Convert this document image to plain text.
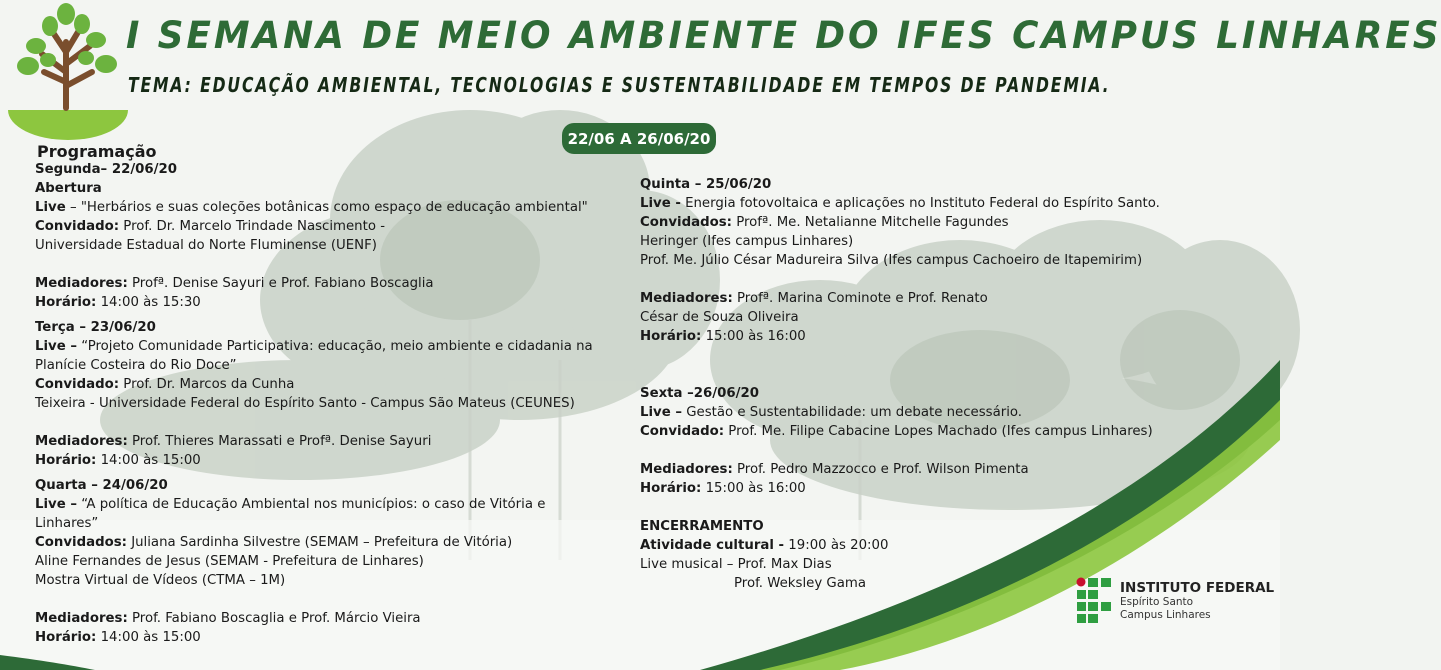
I SEMANA DE MEIO AMBIENTE DO IFES CAMPUS LINHARES
TEMA: EDUCAÇÃO AMBIENTAL, TECNOLOGIAS E SUSTENTABILIDADE EM TEMPOS DE PANDEMIA.
22/06 A 26/06/20
Programação
Segunda– 22/06/20
Abertura
Live – "Herbários e suas coleções botânicas como espaço de educação ambiental"
Convidado: Prof. Dr. Marcelo Trindade Nascimento -
Universidade Estadual do Norte Fluminense (UENF)
Mediadores: Profª. Denise Sayuri e Prof. Fabiano Boscaglia
Horário: 14:00 às 15:30
Terça – 23/06/20
Live – “Projeto Comunidade Participativa: educação, meio ambiente e cidadania na
Planície Costeira do Rio Doce”
Convidado: Prof. Dr. Marcos da Cunha
Teixeira - Universidade Federal do Espírito Santo - Campus São Mateus (CEUNES)
Mediadores: Prof. Thieres Marassati e Profª. Denise Sayuri
Horário: 14:00 às 15:00
Quarta – 24/06/20
Live – “A política de Educação Ambiental nos municípios: o caso de Vitória e
Linhares”
Convidados: Juliana Sardinha Silvestre (SEMAM – Prefeitura de Vitória)
Aline Fernandes de Jesus (SEMAM - Prefeitura de Linhares)
Mostra Virtual de Vídeos (CTMA – 1M)
Mediadores: Prof. Fabiano Boscaglia e Prof. Márcio Vieira
Horário: 14:00 às 15:00
Quinta – 25/06/20
Live - Energia fotovoltaica e aplicações no Instituto Federal do Espírito Santo.
Convidados: Profª. Me. Netalianne Mitchelle Fagundes
Heringer (Ifes campus Linhares)
Prof. Me. Júlio César Madureira Silva (Ifes campus Cachoeiro de Itapemirim)
Mediadores: Profª. Marina Cominote e Prof. Renato
César de Souza Oliveira
Horário: 15:00 às 16:00
Sexta –26/06/20
Live – Gestão e Sustentabilidade: um debate necessário.
Convidado: Prof. Me. Filipe Cabacine Lopes Machado (Ifes campus Linhares)
Mediadores: Prof. Pedro Mazzocco e Prof. Wilson Pimenta
Horário: 15:00 às 16:00
ENCERRAMENTO
Atividade cultural - 19:00 às 20:00
Live musical – Prof. Max Dias
Prof. Weksley Gama	INSTITUTO FEDERAL
Espírito Santo
Campus Linhares
